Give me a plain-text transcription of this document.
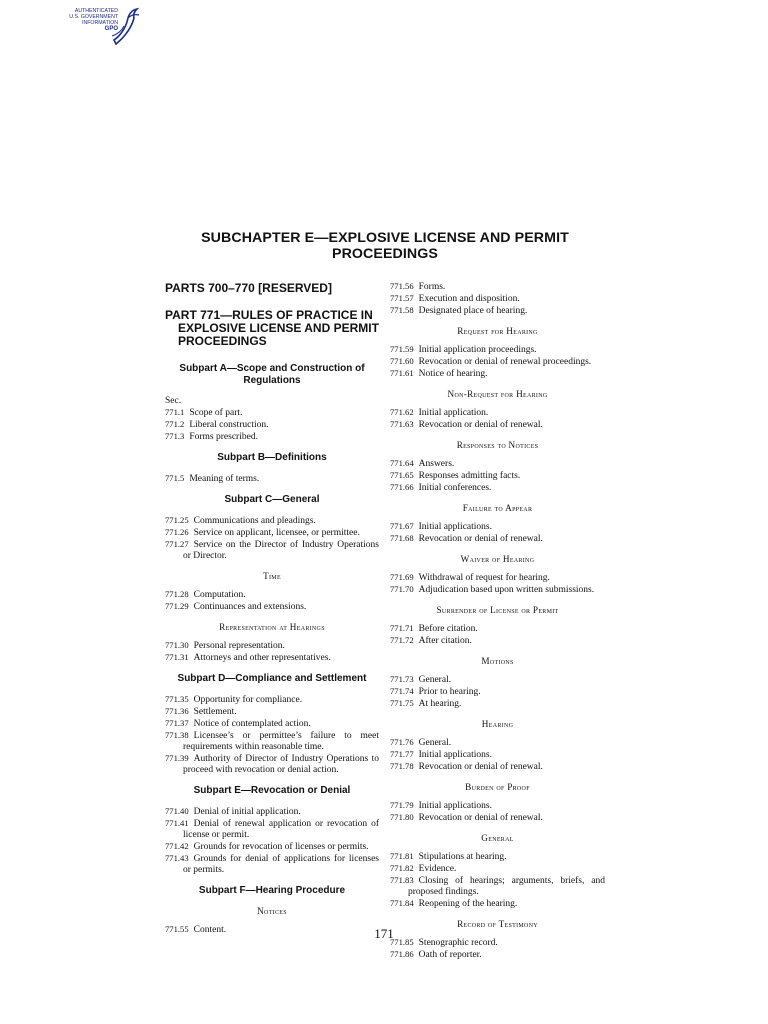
AUTHENTICATED
U.S. GOVERNMENT
INFORMATION
GPO
SUBCHAPTER E—EXPLOSIVE LICENSE AND PERMIT
PROCEEDINGS
PARTS 700–770 [RESERVED]
PART 771—RULES OF PRACTICE IN EXPLOSIVE LICENSE AND PERMIT PROCEEDINGS
Subpart A—Scope and Construction of Regulations
Sec.
771.1 Scope of part.
771.2 Liberal construction.
771.3 Forms prescribed.
Subpart B—Definitions
771.5 Meaning of terms.
Subpart C—General
771.25 Communications and pleadings.
771.26 Service on applicant, licensee, or permittee.
771.27 Service on the Director of Industry Operations or Director.
Time
771.28 Computation.
771.29 Continuances and extensions.
Representation at Hearings
771.30 Personal representation.
771.31 Attorneys and other representatives.
Subpart D—Compliance and Settlement
771.35 Opportunity for compliance.
771.36 Settlement.
771.37 Notice of contemplated action.
771.38 Licensee’s or permittee’s failure to meet requirements within reasonable time.
771.39 Authority of Director of Industry Operations to proceed with revocation or denial action.
Subpart E—Revocation or Denial
771.40 Denial of initial application.
771.41 Denial of renewal application or revocation of license or permit.
771.42 Grounds for revocation of licenses or permits.
771.43 Grounds for denial of applications for licenses or permits.
Subpart F—Hearing Procedure
Notices
771.55 Content.
771.56 Forms.
771.57 Execution and disposition.
771.58 Designated place of hearing.
Request for Hearing
771.59 Initial application proceedings.
771.60 Revocation or denial of renewal proceedings.
771.61 Notice of hearing.
Non-Request for Hearing
771.62 Initial application.
771.63 Revocation or denial of renewal.
Responses to Notices
771.64 Answers.
771.65 Responses admitting facts.
771.66 Initial conferences.
Failure to Appear
771.67 Initial applications.
771.68 Revocation or denial of renewal.
Waiver of Hearing
771.69 Withdrawal of request for hearing.
771.70 Adjudication based upon written submissions.
Surrender of License or Permit
771.71 Before citation.
771.72 After citation.
Motions
771.73 General.
771.74 Prior to hearing.
771.75 At hearing.
Hearing
771.76 General.
771.77 Initial applications.
771.78 Revocation or denial of renewal.
Burden of Proof
771.79 Initial applications.
771.80 Revocation or denial of renewal.
General
771.81 Stipulations at hearing.
771.82 Evidence.
771.83 Closing of hearings; arguments, briefs, and proposed findings.
771.84 Reopening of the hearing.
Record of Testimony
771.85 Stenographic record.
771.86 Oath of reporter.
171
